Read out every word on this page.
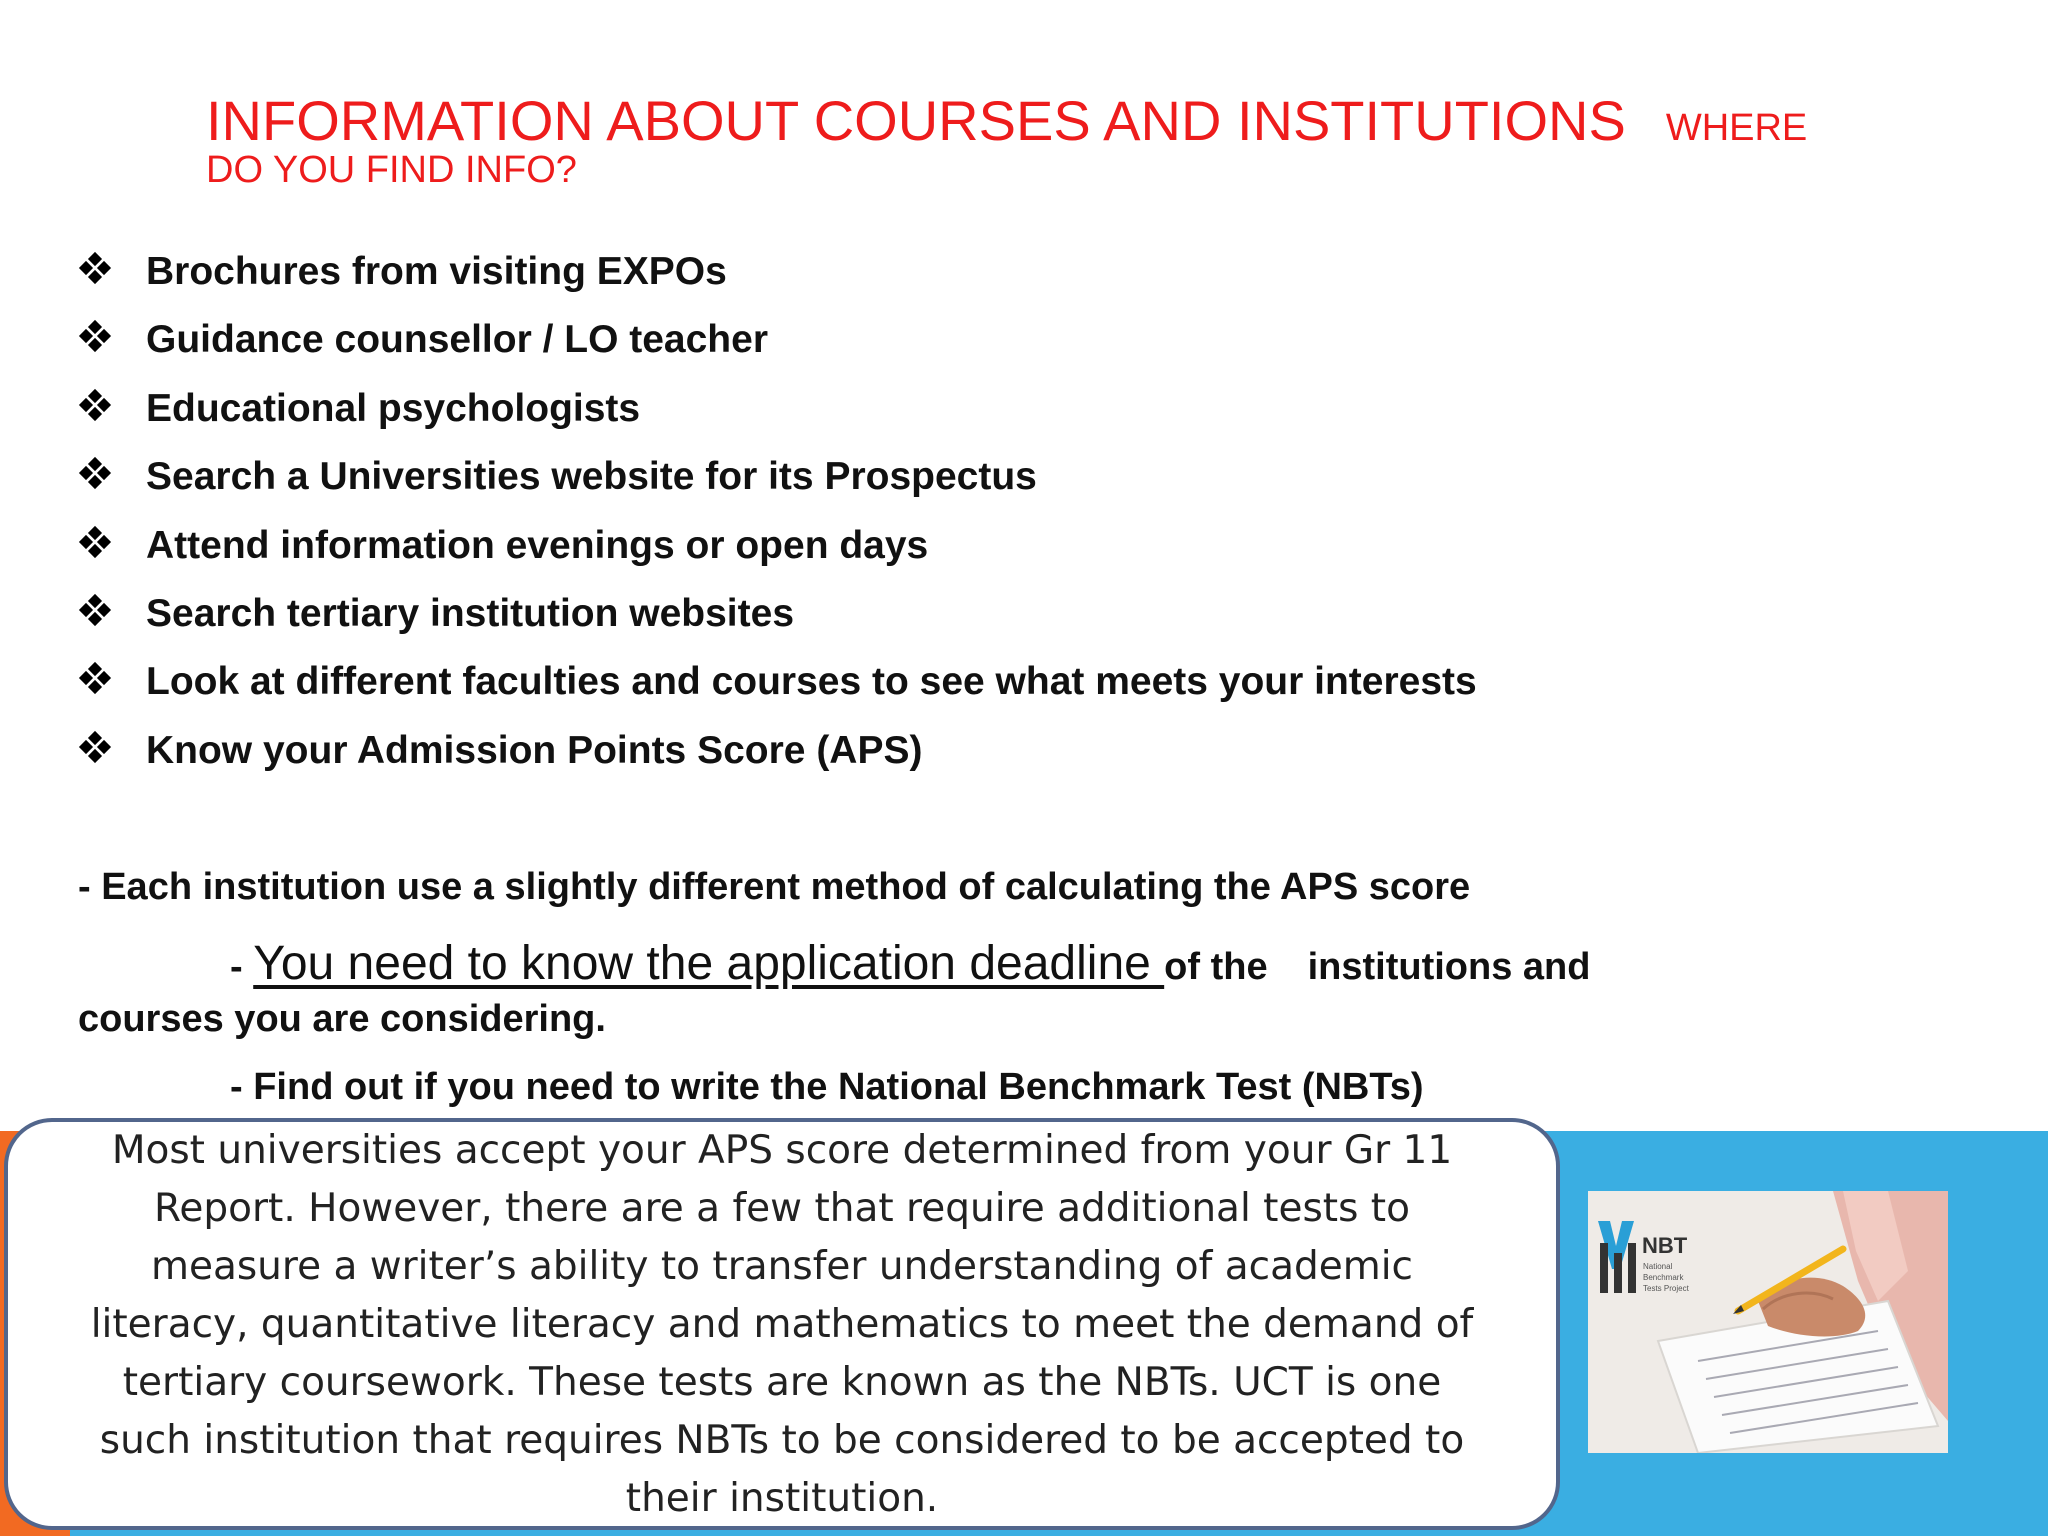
INFORMATION ABOUT COURSES AND INSTITUTIONS WHERE
DO YOU FIND INFO?
Brochures from visiting EXPOs
Guidance counsellor / LO teacher
Educational psychologists
Search a Universities website for its Prospectus
Attend information evenings or open days
Search tertiary institution websites
Look at different faculties and courses to see what meets your interests
Know your Admission Points Score (APS)
- Each institution use a slightly different method of calculating the APS score
- You need to know the application deadline of the institutions and
courses you are considering.
- Find out if you need to write the National Benchmark Test (NBTs)

Most universities accept your APS score determined from your Gr 11

Report. However, there are a few that require additional tests to

measure a writer’s ability to transfer understanding of academic

literacy, quantitative literacy and mathematics to meet the demand of

tertiary coursework. These tests are known as the NBTs. UCT is one

such institution that requires NBTs to be considered to be accepted to

their institution.

NBT
National
Benchmark
Tests Project
